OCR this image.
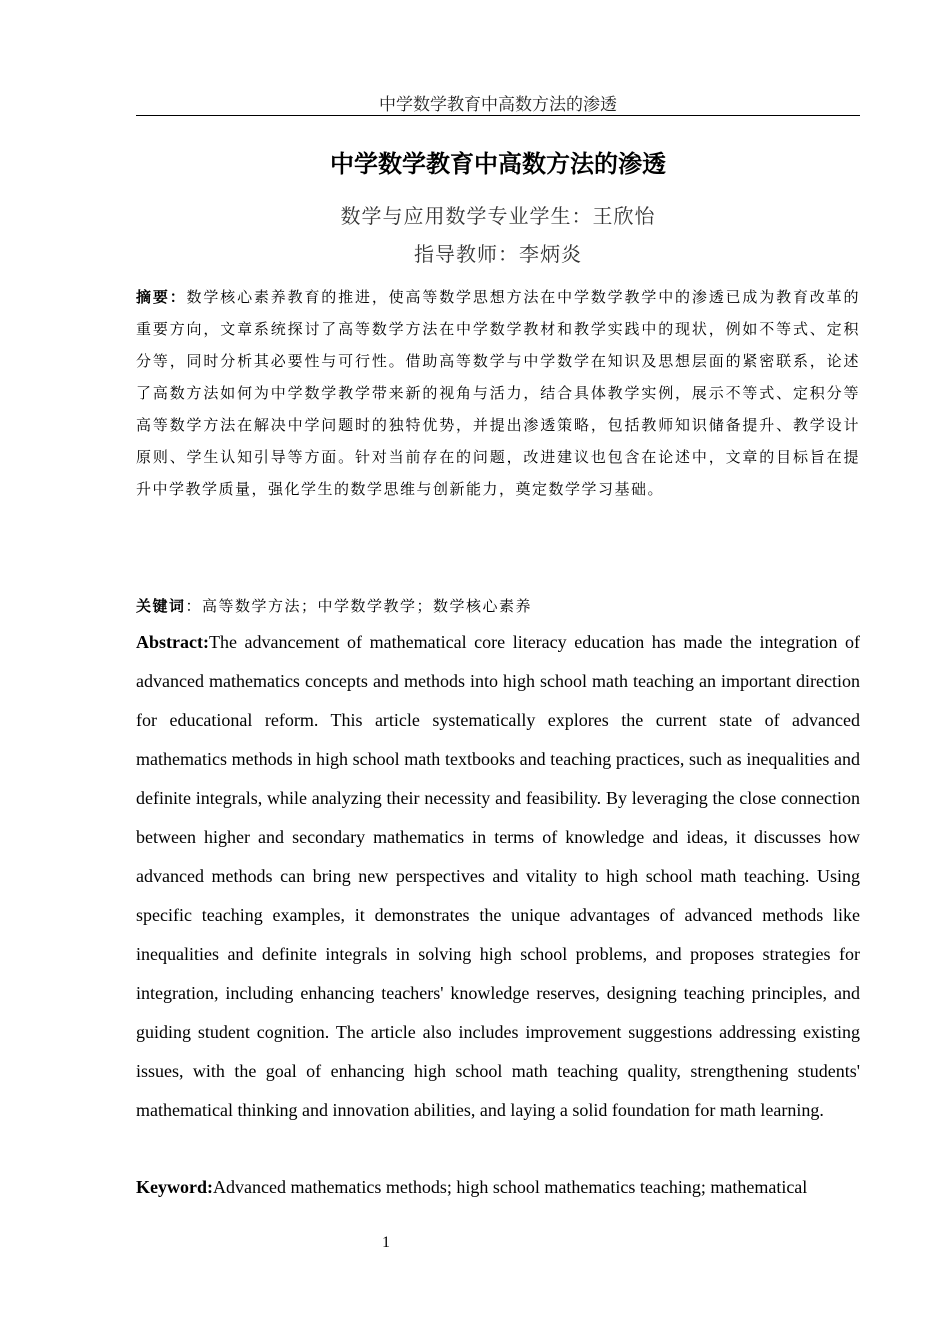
中学数学教育中高数方法的渗透
中学数学教育中高数方法的渗透
数学与应用数学专业学生：王欣怡
指导教师：李炳炎

摘要：数学核心素养教育的推进，使高等数学思想方法在中学数学教学中的渗透已成为教育改革的重要方向，文章系统探讨了高等数学方法在中学数学教材和教学实践中的现状，例如不等式、定积分等，同时分析其必要性与可行性。借助高等数学与中学数学在知识及思想层面的紧密联系，论述了高数方法如何为中学数学教学带来新的视角与活力，结合具体教学实例，展示不等式、定积分等高等数学方法在解决中学问题时的独特优势，并提出渗透策略，包括教师知识储备提升、教学设计原则、学生认知引导等方面。针对当前存在的问题，改进建议也包含在论述中，文章的目标旨在提升中学教学质量，强化学生的数学思维与创新能力，奠定数学学习基础。

关键词：高等数学方法；中学数学教学；数学核心素养

Abstract:The advancement of mathematical core literacy education has made the integration of advanced mathematics concepts and methods into high school math teaching an important direction for educational reform. This article systematically explores the current state of advanced mathematics methods in high school math textbooks and teaching practices, such as inequalities and definite integrals, while analyzing their necessity and feasibility. By leveraging the close connection between higher and secondary mathematics in terms of knowledge and ideas, it discusses how advanced methods can bring new perspectives and vitality to high school math teaching. Using specific teaching examples, it demonstrates the unique advantages of advanced methods like inequalities and definite integrals in solving high school problems, and proposes strategies for integration, including enhancing teachers' knowledge reserves, designing teaching principles, and guiding student cognition. The article also includes improvement suggestions addressing existing issues, with the goal of enhancing high school math teaching quality, strengthening students' mathematical thinking and innovation abilities, and laying a solid foundation for math learning.

Keyword:Advanced mathematics methods; high school mathematics teaching; mathematical

1
